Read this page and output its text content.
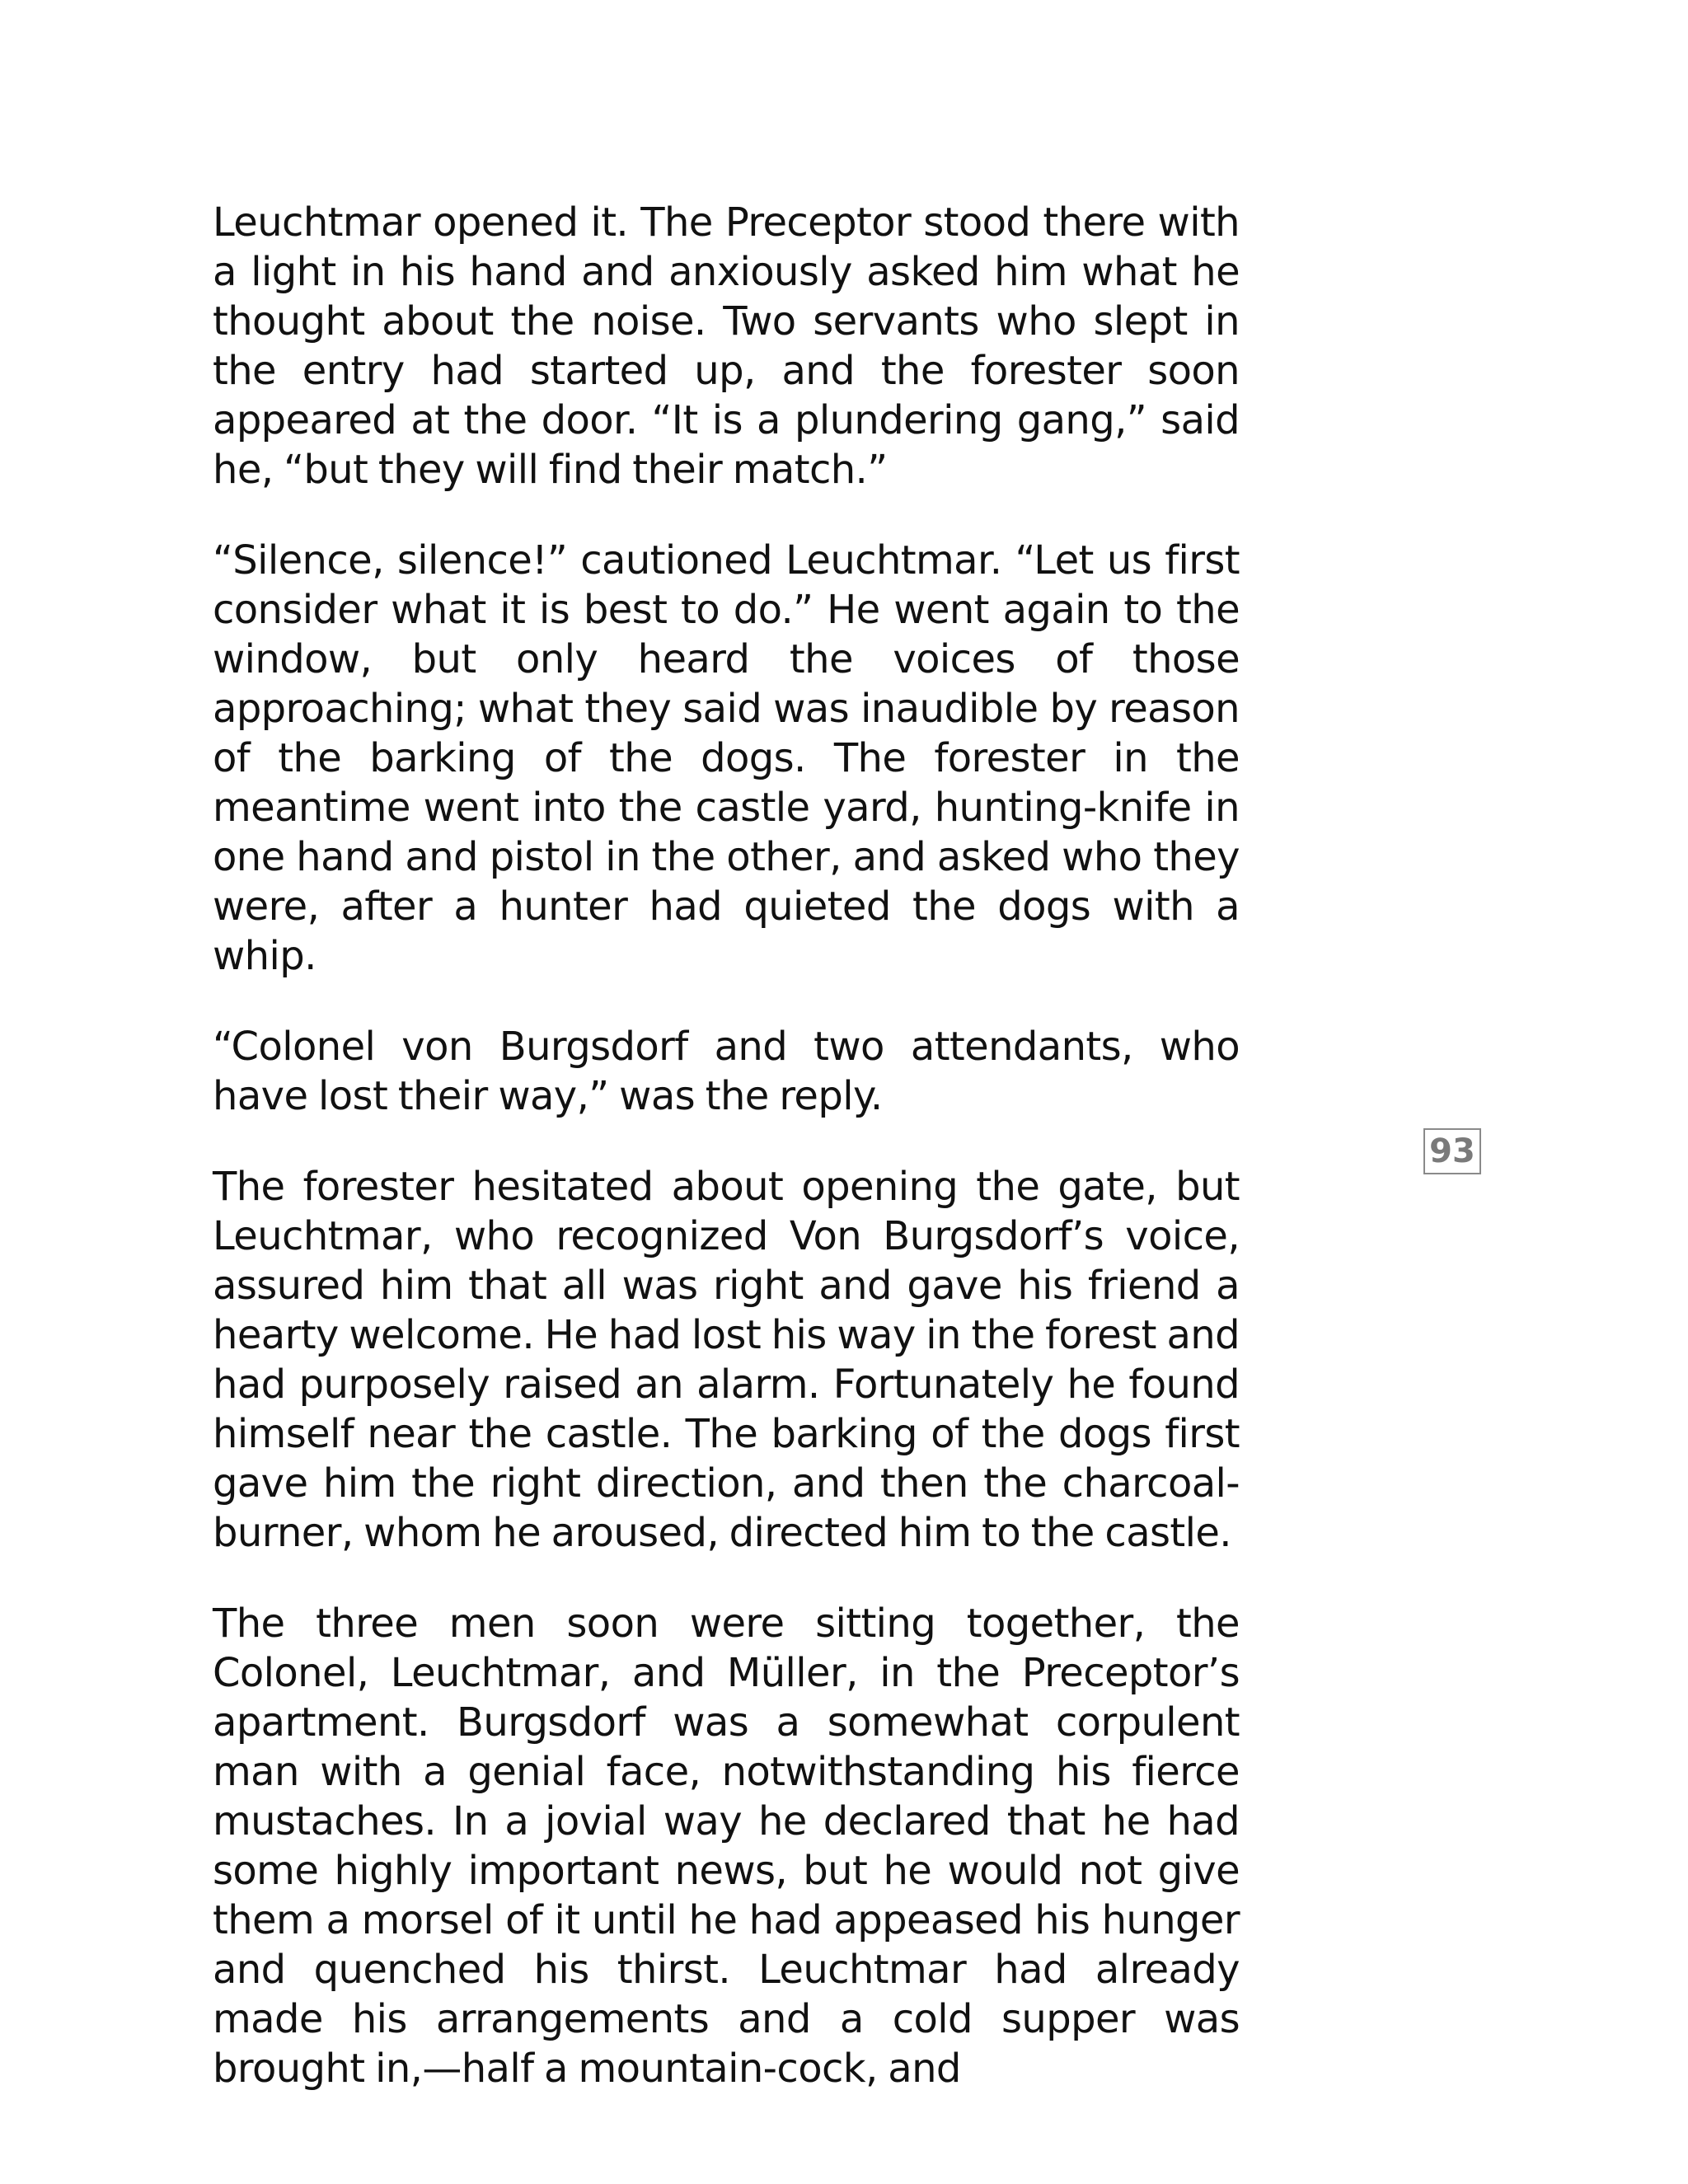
Leuchtmar opened it. The Preceptor stood there with a light in his hand and anxiously asked him what he thought about the noise. Two servants who slept in the entry had started up, and the forester soon appeared at the door. “It is a plundering gang,” said he, “but they will find their match.”

“Silence, silence!” cautioned Leuchtmar. “Let us first consider what it is best to do.” He went again to the window, but only heard the voices of those approaching; what they said was inaudible by reason of the barking of the dogs. The forester in the meantime went into the castle yard, hunting-knife in one hand and pistol in the other, and asked who they were, after a hunter had quieted the dogs with a whip.

“Colonel von Burgsdorf and two attendants, who have lost their way,” was the reply.

The forester hesitated about opening the gate, but Leuchtmar, who recognized Von Burgsdorf’s voice, assured him that all was right and gave his friend a hearty welcome. He had lost his way in the forest and had purposely raised an alarm. Fortunately he found himself near the castle. The barking of the dogs first gave him the right direction, and then the charcoal-burner, whom he aroused, directed him to the castle.

The three men soon were sitting together, the Colonel, Leuchtmar, and Müller, in the Preceptor’s apartment. Burgsdorf was a somewhat corpulent man with a genial face, notwithstanding his fierce mustaches. In a jovial way he declared that he had some highly important news, but he would not give them a morsel of it until he had appeased his hunger and quenched his thirst. Leuchtmar had already made his arrangements and a cold supper was brought in,—half a mountain-cock, and

93
